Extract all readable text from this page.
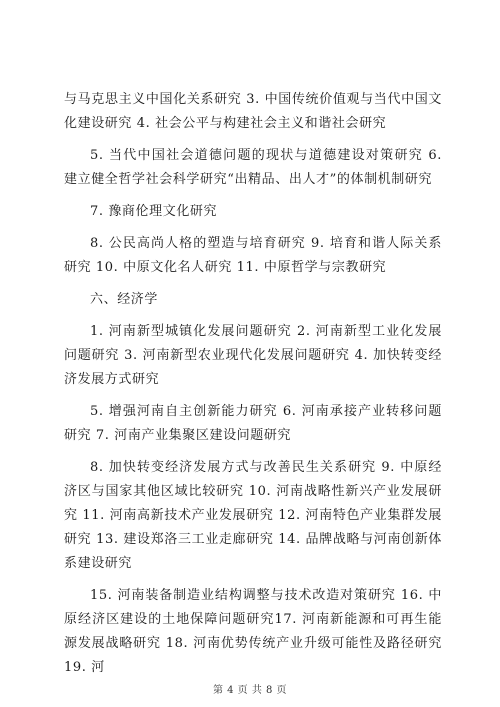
与马克思主义中国化关系研究 3. 中国传统价值观与当代中国文化建设研究 4. 社会公平与构建社会主义和谐社会研究

5. 当代中国社会道德问题的现状与道德建设对策研究 6. 建立健全哲学社会科学研究“出精品、出人才”的体制机制研究

7. 豫商伦理文化研究

8. 公民高尚人格的塑造与培育研究 9. 培育和谐人际关系研究 10. 中原文化名人研究 11. 中原哲学与宗教研究

六、经济学

1. 河南新型城镇化发展问题研究 2. 河南新型工业化发展问题研究 3. 河南新型农业现代化发展问题研究 4. 加快转变经济发展方式研究

5. 增强河南自主创新能力研究 6. 河南承接产业转移问题研究 7. 河南产业集聚区建设问题研究

8. 加快转变经济发展方式与改善民生关系研究 9. 中原经济区与国家其他区域比较研究 10. 河南战略性新兴产业发展研究 11. 河南高新技术产业发展研究 12. 河南特色产业集群发展研究 13. 建设郑洛三工业走廊研究 14. 品牌战略与河南创新体系建设研究

15. 河南装备制造业结构调整与技术改造对策研究 16. 中原经济区建设的土地保障问题研究17. 河南新能源和可再生能源发展战略研究 18. 河南优势传统产业升级可能性及路径研究 19. 河

第 4 页 共 8 页
